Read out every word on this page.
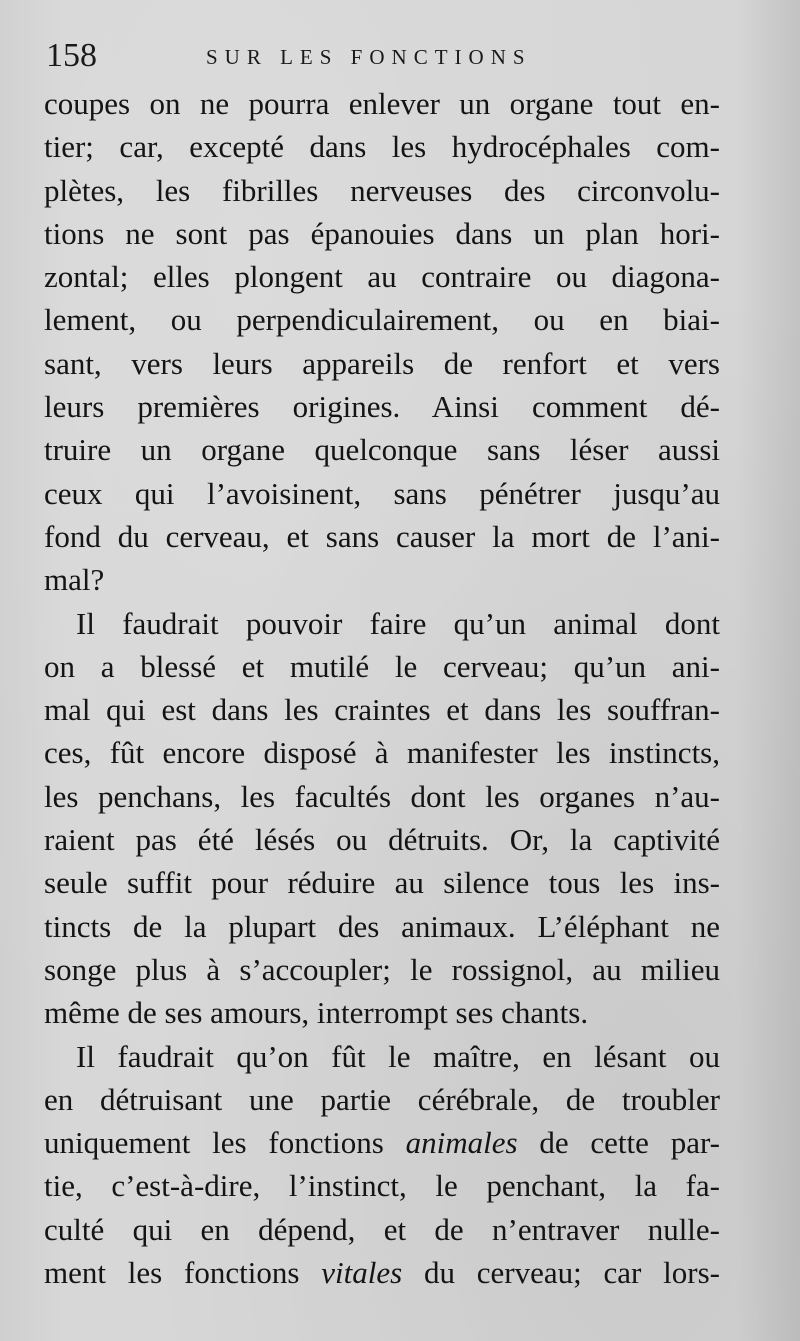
158	SUR LES FONCTIONS
coupes on ne pourra enlever un organe tout en-
tier; car, excepté dans les hydrocéphales com-
plètes, les fibrilles nerveuses des circonvolu-
tions ne sont pas épanouies dans un plan hori-
zontal; elles plongent au contraire ou diagona-
lement, ou perpendiculairement, ou en biai-
sant, vers leurs appareils de renfort et vers
leurs premières origines. Ainsi comment dé-
truire un organe quelconque sans léser aussi
ceux qui l’avoisinent, sans pénétrer jusqu’au
fond du cerveau, et sans causer la mort de l’ani-
mal?
Il faudrait pouvoir faire qu’un animal dont
on a blessé et mutilé le cerveau; qu’un ani-
mal qui est dans les craintes et dans les souffran-
ces, fût encore disposé à manifester les instincts,
les penchans, les facultés dont les organes n’au-
raient pas été lésés ou détruits. Or, la captivité
seule suffit pour réduire au silence tous les ins-
tincts de la plupart des animaux. L’éléphant ne
songe plus à s’accoupler; le rossignol, au milieu
même de ses amours, interrompt ses chants.
Il faudrait qu’on fût le maître, en lésant ou
en détruisant une partie cérébrale, de troubler
uniquement les fonctions animales de cette par-
tie, c’est-à-dire, l’instinct, le penchant, la fa-
culté qui en dépend, et de n’entraver nulle-
ment les fonctions vitales du cerveau; car lors-
